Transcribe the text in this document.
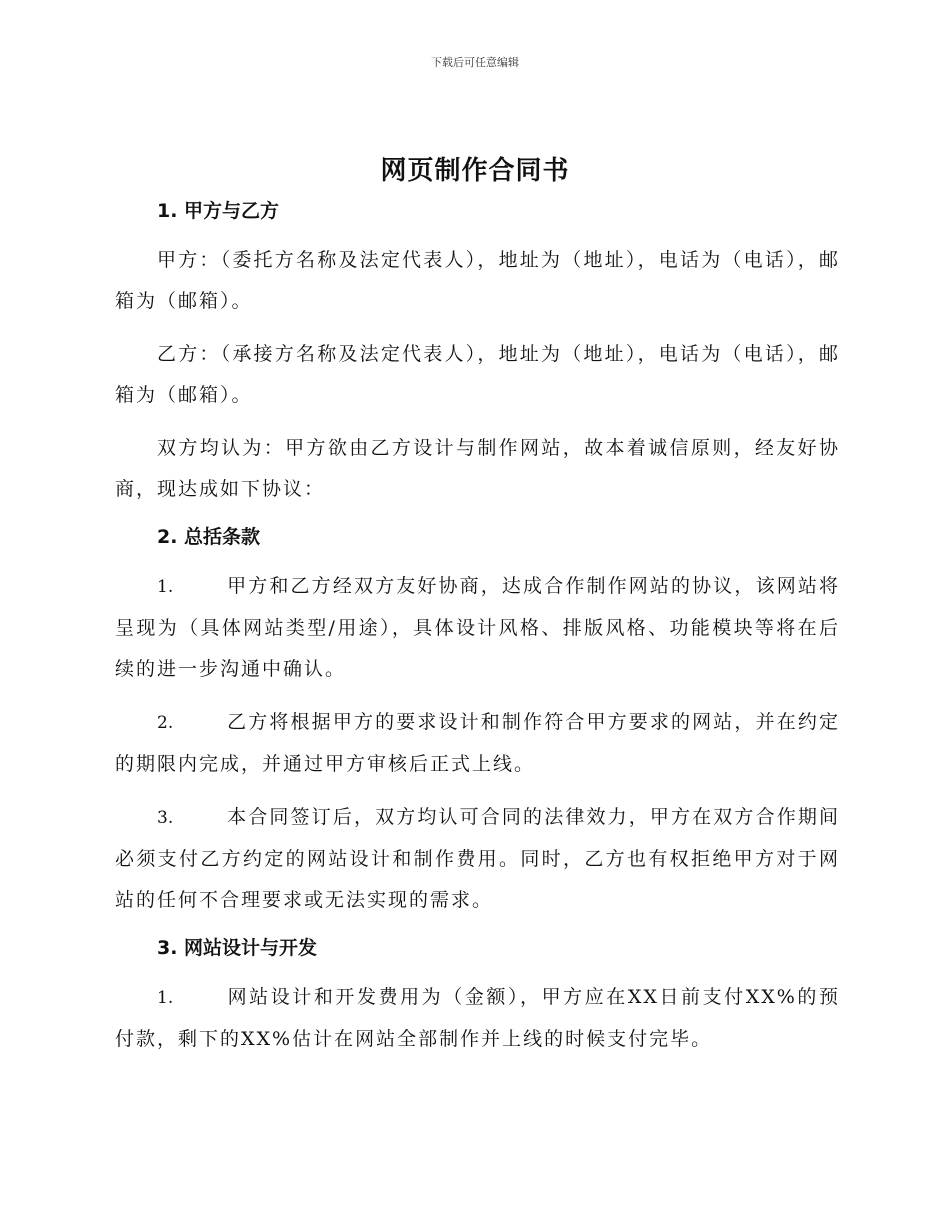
下载后可任意编辑
网页制作合同书
1. 甲方与乙方

甲方：（委托方名称及法定代表人），地址为（地址），电话为（电话），邮箱为（邮箱）。

乙方：（承接方名称及法定代表人），地址为（地址），电话为（电话），邮箱为（邮箱）。

双方均认为：甲方欲由乙方设计与制作网站，故本着诚信原则，经友好协商，现达成如下协议：

2. 总括条款

1.	甲方和乙方经双方友好协商，达成合作制作网站的协议，该网站将呈现为（具体网站类型/用途），具体设计风格、排版风格、功能模块等将在后续的进一步沟通中确认。

2.	乙方将根据甲方的要求设计和制作符合甲方要求的网站，并在约定的期限内完成，并通过甲方审核后正式上线。

3.	本合同签订后，双方均认可合同的法律效力，甲方在双方合作期间必须支付乙方约定的网站设计和制作费用。同时，乙方也有权拒绝甲方对于网站的任何不合理要求或无法实现的需求。

3. 网站设计与开发

1.	网站设计和开发费用为（金额），甲方应在XX日前支付XX%的预付款，剩下的XX%估计在网站全部制作并上线的时候支付完毕。
